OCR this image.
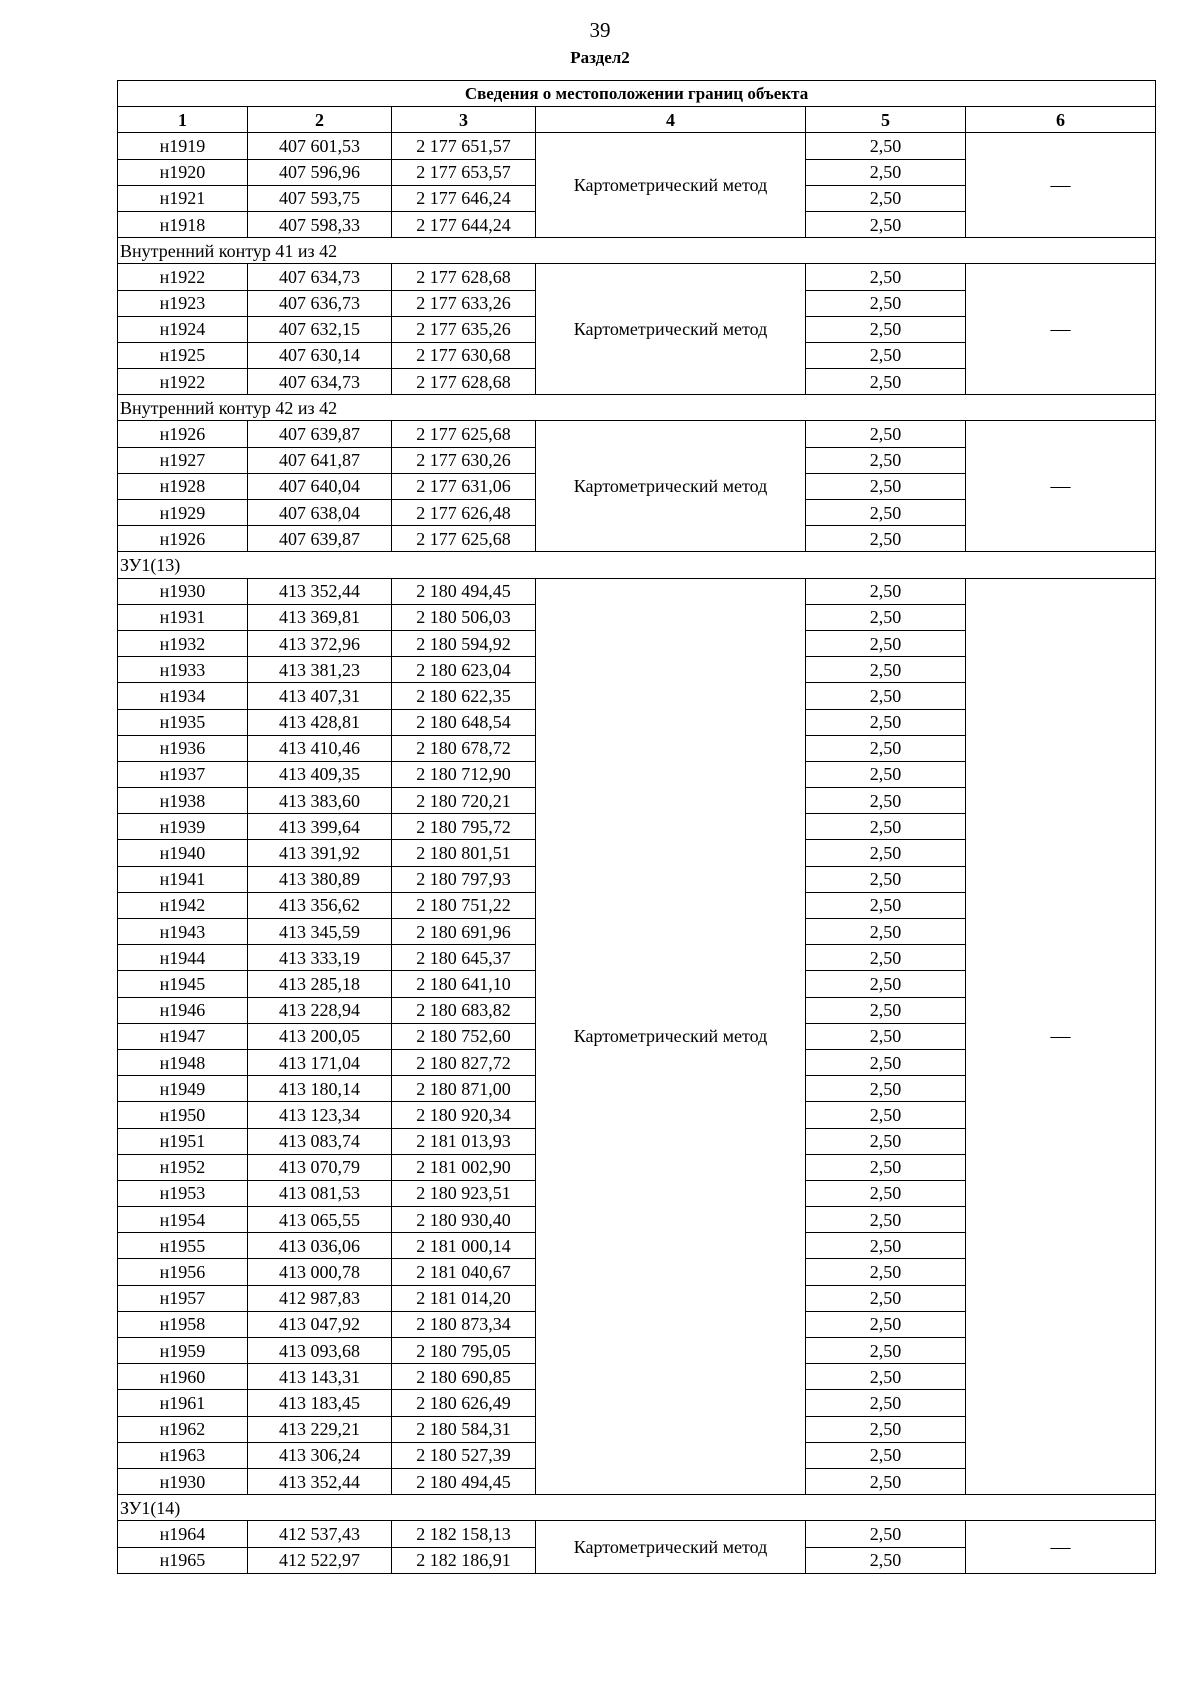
39
Раздел2
Сведения о местоположении границ объекта					
1	2	3	4	5	6
н1919	407 601,53	2 177 651,57	Картометрический метод	2,50	—
н1920	407 596,96	2 177 653,57		2,50	
н1921	407 593,75	2 177 646,24		2,50	
н1918	407 598,33	2 177 644,24		2,50	
Внутренний контур 41 из 42					
н1922	407 634,73	2 177 628,68	Картометрический метод	2,50	—
н1923	407 636,73	2 177 633,26		2,50	
н1924	407 632,15	2 177 635,26		2,50	
н1925	407 630,14	2 177 630,68		2,50	
н1922	407 634,73	2 177 628,68		2,50	
Внутренний контур 42 из 42					
н1926	407 639,87	2 177 625,68	Картометрический метод	2,50	—
н1927	407 641,87	2 177 630,26		2,50	
н1928	407 640,04	2 177 631,06		2,50	
н1929	407 638,04	2 177 626,48		2,50	
н1926	407 639,87	2 177 625,68		2,50	
ЗУ1(13)					
н1930	413 352,44	2 180 494,45	Картометрический метод	2,50	—
н1931	413 369,81	2 180 506,03		2,50	
н1932	413 372,96	2 180 594,92		2,50	
н1933	413 381,23	2 180 623,04		2,50	
н1934	413 407,31	2 180 622,35		2,50	
н1935	413 428,81	2 180 648,54		2,50	
н1936	413 410,46	2 180 678,72		2,50	
н1937	413 409,35	2 180 712,90		2,50	
н1938	413 383,60	2 180 720,21		2,50	
н1939	413 399,64	2 180 795,72		2,50	
н1940	413 391,92	2 180 801,51		2,50	
н1941	413 380,89	2 180 797,93		2,50	
н1942	413 356,62	2 180 751,22		2,50	
н1943	413 345,59	2 180 691,96		2,50	
н1944	413 333,19	2 180 645,37		2,50	
н1945	413 285,18	2 180 641,10		2,50	
н1946	413 228,94	2 180 683,82		2,50	
н1947	413 200,05	2 180 752,60		2,50	
н1948	413 171,04	2 180 827,72		2,50	
н1949	413 180,14	2 180 871,00		2,50	
н1950	413 123,34	2 180 920,34		2,50	
н1951	413 083,74	2 181 013,93		2,50	
н1952	413 070,79	2 181 002,90		2,50	
н1953	413 081,53	2 180 923,51		2,50	
н1954	413 065,55	2 180 930,40		2,50	
н1955	413 036,06	2 181 000,14		2,50	
н1956	413 000,78	2 181 040,67		2,50	
н1957	412 987,83	2 181 014,20		2,50	
н1958	413 047,92	2 180 873,34		2,50	
н1959	413 093,68	2 180 795,05		2,50	
н1960	413 143,31	2 180 690,85		2,50	
н1961	413 183,45	2 180 626,49		2,50	
н1962	413 229,21	2 180 584,31		2,50	
н1963	413 306,24	2 180 527,39		2,50	
н1930	413 352,44	2 180 494,45		2,50	
ЗУ1(14)					
н1964	412 537,43	2 182 158,13	Картометрический метод	2,50	—
н1965	412 522,97	2 182 186,91		2,50	
